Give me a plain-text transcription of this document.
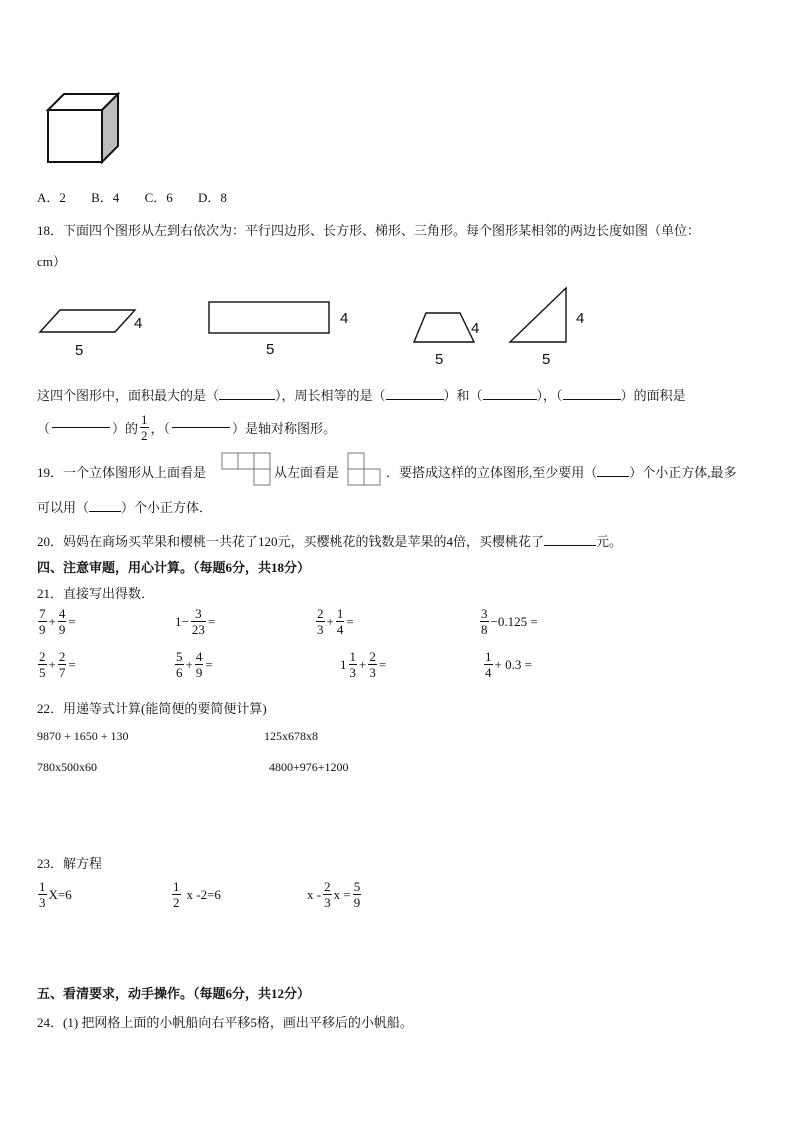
A．2 B．4 C．6 D．8
18．下面四个图形从左到右依次为：平行四边形、长方形、梯形、三角形。每个图形某相邻的两边长度如图（单位：
cm）
4
5
4
5
4
5
4
5
这四个图形中，面积最大的是（	），周长相等的是（	）和（	），（	）的面积是
（	）的 $\frac{1}{2}$ ，（	）是轴对称图形。
19．一个立体图形从上面看是	从左面看是	．要搭成这样的立体图形,至少要用（ ）个小正方体,最多
可以用（ ）个小正方体．
20．妈妈在商场买苹果和樱桃一共花了120元，买樱桃花的钱数是苹果的4倍，买樱桃花了	元。
四、注意审题，用心计算。（每题6分，共18分）
21．直接写出得数．
$\frac{7}{9} + \frac{4}{9}$ =	$1- \frac{3}{23}$ =	$\frac{2}{3} + \frac{1}{4}$ =	$\frac{3}{8} -0.125$ =
$\frac{2}{5} + \frac{2}{7}$ =	$\frac{5}{6} + \frac{4}{9}$ =	$1 \frac{1}{3} + \frac{2}{3}$ =	$\frac{1}{4} + 0.3$ =
22．用递等式计算(能简便的要简便计算)
9870 + 1650 + 130	125x678x8
780x500x60	4800+976+1200
23．解方程
$\frac{1}{3} X=6$	$\frac{1}{2}$ x -2=6	x - $\frac{2}{3}$ $x = \frac{5}{9}$
五、看清要求，动手操作。（每题6分，共12分）
24．(1) 把网格上面的小帆船向右平移5格，画出平移后的小帆船。
